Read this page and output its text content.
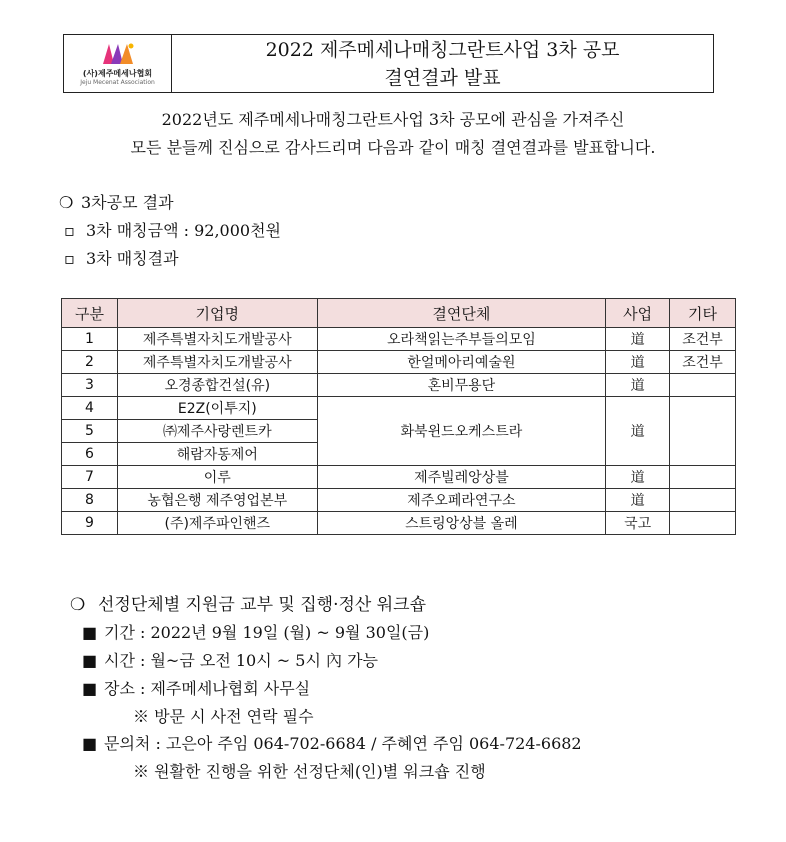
(사)제주메세나협회
Jeju Mecenat Association
2022 제주메세나매칭그란트사업 3차 공모
결연결과 발표
2022년도 제주메세나매칭그란트사업 3차 공모에 관심을 가져주신
모든 분들께 진심으로 감사드리며 다음과 같이 매칭 결연결과를 발표합니다.
❍ 3차공모 결과
▫ 3차 매칭금액 : 92,000천원
▫ 3차 매칭결과
구분	기업명	결연단체	사업	기타
1	제주특별자치도개발공사	오라책읽는주부들의모임	道	조건부
2	제주특별자치도개발공사	한얼메아리예술원	道	조건부
3	오경종합건설(유)	혼비무용단	道	
4	E2Z(이투지)	화북윈드오케스트라	道	
5	㈜제주사랑렌트카			
6	해람자동제어			
7	이루	제주빌레앙상블	道	
8	농협은행 제주영업본부	제주오페라연구소	道	
9	(주)제주파인핸즈	스트링앙상블 올레	국고	
❍ 선정단체별 지원금 교부 및 집행·정산 워크숍
■ 기간 : 2022년 9월 19일 (월) ~ 9월 30일(금)
■ 시간 : 월~금 오전 10시 ~ 5시 內 가능
■ 장소 : 제주메세나협회 사무실
※ 방문 시 사전 연락 필수
■ 문의처 : 고은아 주임 064-702-6684 / 주혜연 주임 064-724-6682
※ 원활한 진행을 위한 선정단체(인)별 워크숍 진행
